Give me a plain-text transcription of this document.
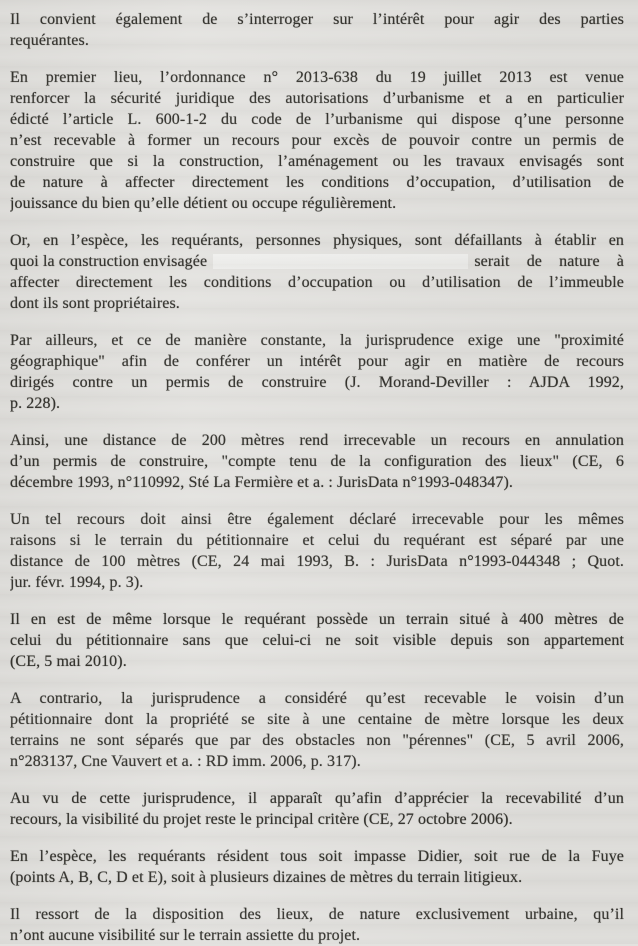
Il convient également de s’interroger sur l’intérêt pour agir des parties
requérantes.
En premier lieu, l’ordonnance n° 2013-638 du 19 juillet 2013 est venue
renforcer la sécurité juridique des autorisations d’urbanisme et a en particulier
édicté l’article L. 600-1-2 du code de l’urbanisme qui dispose q’une personne
n’est recevable à former un recours pour excès de pouvoir contre un permis de
construire que si la construction, l’aménagement ou les travaux envisagés sont
de nature à affecter directement les conditions d’occupation, d’utilisation de
jouissance du bien qu’elle détient ou occupe régulièrement.
Or, en l’espèce, les requérants, personnes physiques, sont défaillants à établir en
quoi la construction envisagée	serait de nature à
affecter directement les conditions d’occupation ou d’utilisation de l’immeuble
dont ils sont propriétaires.
Par ailleurs, et ce de manière constante, la jurisprudence exige une "proximité
géographique" afin de conférer un intérêt pour agir en matière de recours
dirigés contre un permis de construire (J. Morand-Deviller : AJDA 1992,
p. 228).
Ainsi, une distance de 200 mètres rend irrecevable un recours en annulation
d’un permis de construire, "compte tenu de la configuration des lieux" (CE, 6
décembre 1993, n°110992, Sté La Fermière et a. : JurisData n°1993-048347).
Un tel recours doit ainsi être également déclaré irrecevable pour les mêmes
raisons si le terrain du pétitionnaire et celui du requérant est séparé par une
distance de 100 mètres (CE, 24 mai 1993, B. : JurisData n°1993-044348 ; Quot.
jur. févr. 1994, p. 3).
Il en est de même lorsque le requérant possède un terrain situé à 400 mètres de
celui du pétitionnaire sans que celui-ci ne soit visible depuis son appartement
(CE, 5 mai 2010).
A contrario, la jurisprudence a considéré qu’est recevable le voisin d’un
pétitionnaire dont la propriété se site à une centaine de mètre lorsque les deux
terrains ne sont séparés que par des obstacles non "pérennes" (CE, 5 avril 2006,
n°283137, Cne Vauvert et a. : RD imm. 2006, p. 317).
Au vu de cette jurisprudence, il apparaît qu’afin d’apprécier la recevabilité d’un
recours, la visibilité du projet reste le principal critère (CE, 27 octobre 2006).
En l’espèce, les requérants résident tous soit impasse Didier, soit rue de la Fuye
(points A, B, C, D et E), soit à plusieurs dizaines de mètres du terrain litigieux.
Il ressort de la disposition des lieux, de nature exclusivement urbaine, qu’il
n’ont aucune visibilité sur le terrain assiette du projet.
